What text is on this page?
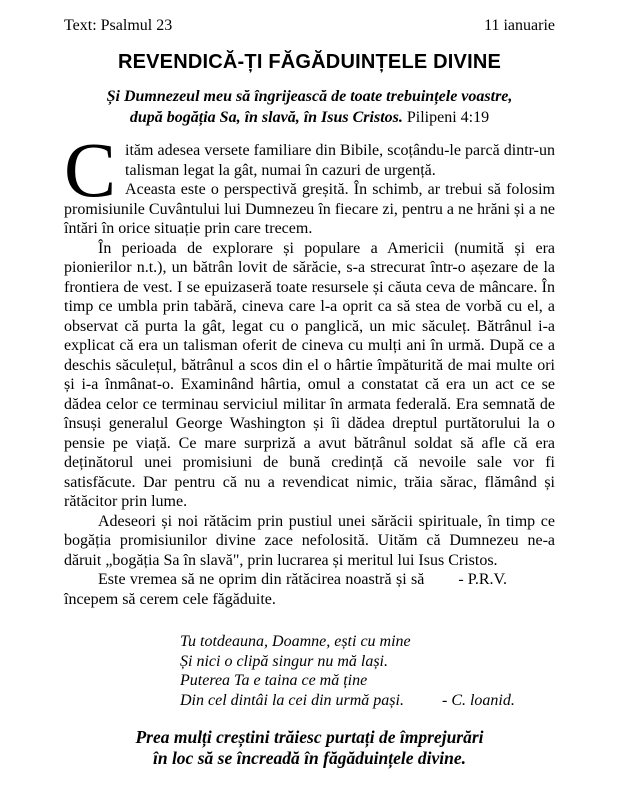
Text: Psalmul 23	11 ianuarie
REVENDICĂ-ȚI FĂGĂDUINȚELE DIVINE
Și Dumnezeul meu să îngrijească de toate trebuințele voastre,
după bogăția Sa, în slavă, în Isus Cristos. Pilipeni 4:19
C ităm adesea versete familiare din Bibile, scoțându-le parcă dintr-un talisman legat la gât, numai în cazuri de urgență.

Aceasta este o perspectivă greșită. În schimb, ar trebui să folosim promisiunile Cuvântului lui Dumnezeu în fiecare zi, pentru a ne hrăni și a ne întări în orice situație prin care trecem.

În perioada de explorare și populare a Americii (numită și era pionierilor n.t.), un bătrân lovit de sărăcie, s-a strecurat într-o așezare de la frontiera de vest. I se epuizaseră toate resursele și căuta ceva de mâncare. În timp ce umbla prin tabără, cineva care l-a oprit ca să stea de vorbă cu el, a observat că purta la gât, legat cu o panglică, un mic săculeț. Bătrânul i-a explicat că era un talisman oferit de cineva cu mulți ani în urmă. După ce a deschis săculețul, bătrânul a scos din el o hârtie împăturită de mai multe ori și i-a înmânat-o. Examinând hârtia, omul a constatat că era un act ce se dădea celor ce terminau serviciul militar în armata federală. Era semnată de însuși generalul George Washington și îi dădea dreptul purtătorului la o pensie pe viață. Ce mare surpriză a avut bătrânul soldat să afle că era deținătorul unei promisiuni de bună credință că nevoile sale vor fi satisfăcute. Dar pentru că nu a revendicat nimic, trăia sărac, flămând și rătăcitor prin lume.

Adeseori și noi rătăcim prin pustiul unei sărăcii spirituale, în timp ce bogăția promisiunilor divine zace nefolosită. Uităm că Dumnezeu ne-a dăruit „bogăția Sa în slavă", prin lucrarea și meritul lui Isus Cristos.

- P.R.V.
Este vremea să ne oprim din rătăcirea noastră și să începem să cerem cele făgăduite.

Tu totdeauna, Doamne, ești cu mine
Și nici o clipă singur nu mă lași.
Puterea Ta e taina ce mă ține
Din cel dintâi la cei din urmă pași. - C. loanid.
Prea mulți creștini trăiesc purtați de împrejurări
în loc să se încreadă în făgăduințele divine.
